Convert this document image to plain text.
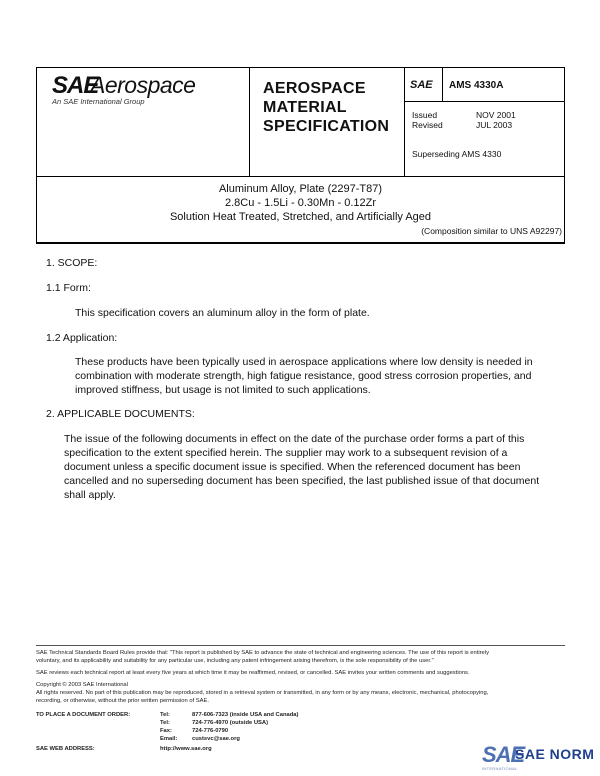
SAE
Aerospace
An SAE International Group
AEROSPACE
MATERIAL
SPECIFICATION
SAE AMS 4330A
Issued	NOV 2001
Revised	JUL 2003
Superseding AMS 4330
Aluminum Alloy, Plate (2297-T87)
2.8Cu - 1.5Li - 0.30Mn - 0.12Zr
Solution Heat Treated, Stretched, and Artificially Aged
(Composition similar to UNS A92297)
1. SCOPE:
1.1 Form:
This specification covers an aluminum alloy in the form of plate.
1.2 Application:
These products have been typically used in aerospace applications where low density is needed in
combination with moderate strength, high fatigue resistance, good stress corrosion properties, and
improved stiffness, but usage is not limited to such applications.
2. APPLICABLE DOCUMENTS:
The issue of the following documents in effect on the date of the purchase order forms a part of this
specification to the extent specified herein. The supplier may work to a subsequent revision of a
document unless a specific document issue is specified. When the referenced document has been
cancelled and no superseding document has been specified, the last published issue of that document
shall apply.
SAE Technical Standards Board Rules provide that: "This report is published by SAE to advance the state of technical and engineering sciences. The use of this report is entirely
voluntary, and its applicability and suitability for any particular use, including any patent infringement arising therefrom, is the sole responsibility of the user."
SAE reviews each technical report at least every five years at which time it may be reaffirmed, revised, or cancelled. SAE invites your written comments and suggestions.
Copyright © 2003 SAE International
All rights reserved. No part of this publication may be reproduced, stored in a retrieval system or transmitted, in any form or by any means, electronic, mechanical, photocopying,
recording, or otherwise, without the prior written permission of SAE.
TO PLACE A DOCUMENT ORDER:	Tel:	877-606-7323 (inside USA and Canada)
Tel:	724-776-4970 (outside USA)
Fax:	724-776-0790
Email:	custsvc@sae.org
SAE WEB ADDRESS:	http://www.sae.org	SAE
SAE NORM
INTERNATIONAL
